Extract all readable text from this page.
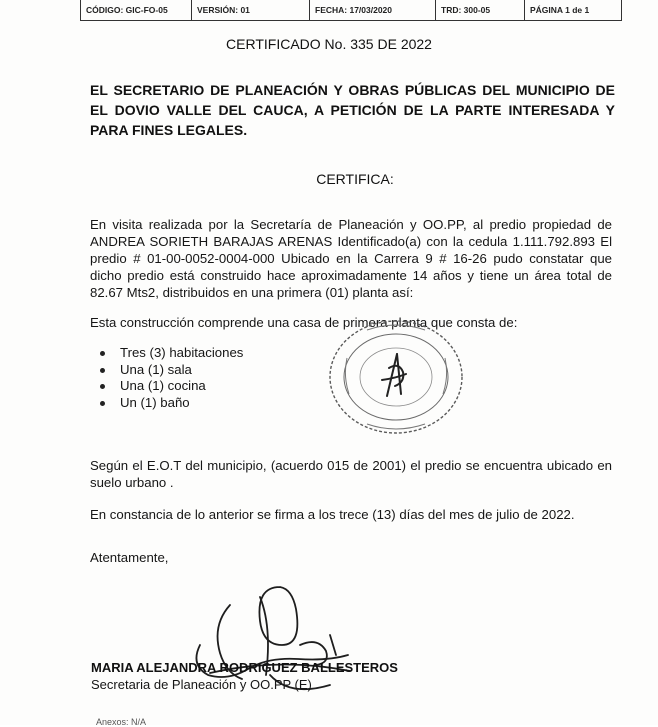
CÓDIGO: GIC-FO-05	VERSIÓN: 01	FECHA: 17/03/2020	TRD: 300-05	PÁGINA 1 de 1
CERTIFICADO No. 335 DE 2022
EL SECRETARIO DE PLANEACIÓN Y OBRAS PÚBLICAS DEL MUNICIPIO DE EL DOVIO VALLE DEL CAUCA, A PETICIÓN DE LA PARTE INTERESADA Y PARA FINES LEGALES.
CERTIFICA:
En visita realizada por la Secretaría de Planeación y OO.PP, al predio propiedad de ANDREA SORIETH BARAJAS ARENAS Identificado(a) con la cedula 1.111.792.893 El predio # 01-00-0052-0004-000 Ubicado en la Carrera 9 # 16-26 pudo constatar que dicho predio está construido hace aproximadamente 14 años y tiene un área total de 82.67 Mts2, distribuidos en una primera (01) planta así:
Esta construcción comprende una casa de primera planta que consta de:
Tres (3) habitaciones
Una (1) sala
Una (1) cocina
Un (1) baño
Según el E.O.T del municipio, (acuerdo 015 de 2001) el predio se encuentra ubicado en suelo urbano .
En constancia de lo anterior se firma a los trece (13) días del mes de julio de 2022.
Atentamente,
MARIA ALEJANDRA RODRIGUEZ BALLESTEROS
Secretaria de Planeación y OO.PP (E)
Anexos: N/A
